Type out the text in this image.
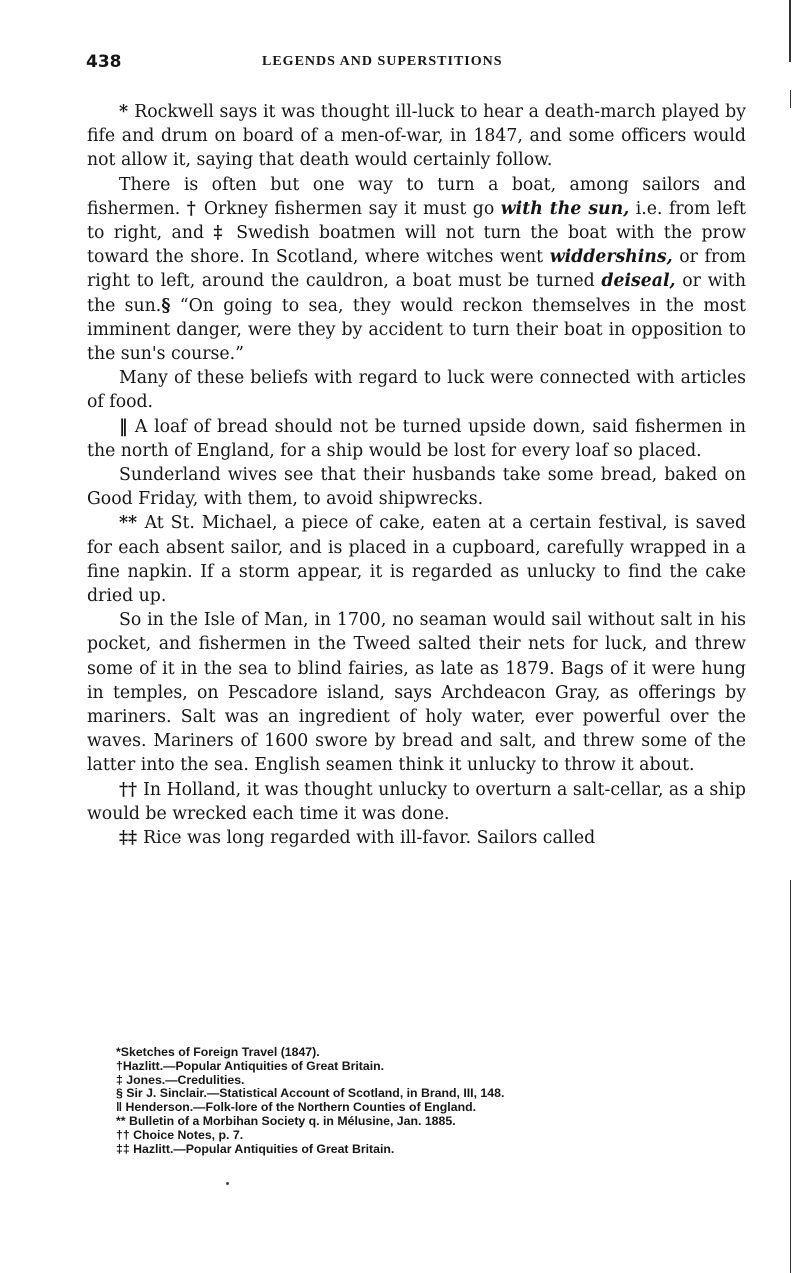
438	LEGENDS AND SUPERSTITIONS

* Rockwell says it was thought ill-luck to hear a death-march played by fife and drum on board of a men-of-war, in 1847, and some officers would not allow it, saying that death would certainly follow.

There is often but one way to turn a boat, among sailors and fishermen. † Orkney fishermen say it must go with the sun, i.e. from left to right, and ‡ Swedish boatmen will not turn the boat with the prow toward the shore. In Scotland, where witches went widdershins, or from right to left, around the cauldron, a boat must be turned deiseal, or with the sun.§ “On going to sea, they would reckon themselves in the most imminent danger, were they by accident to turn their boat in opposition to the sun's course.”

Many of these beliefs with regard to luck were connected with articles of food.

‖ A loaf of bread should not be turned upside down, said fishermen in the north of England, for a ship would be lost for every loaf so placed.

Sunderland wives see that their husbands take some bread, baked on Good Friday, with them, to avoid shipwrecks.

** At St. Michael, a piece of cake, eaten at a certain festival, is saved for each absent sailor, and is placed in a cupboard, carefully wrapped in a fine napkin. If a storm appear, it is regarded as unlucky to find the cake dried up.

So in the Isle of Man, in 1700, no seaman would sail without salt in his pocket, and fishermen in the Tweed salted their nets for luck, and threw some of it in the sea to blind fairies, as late as 1879. Bags of it were hung in temples, on Pescadore island, says Archdeacon Gray, as offerings by mariners. Salt was an ingredient of holy water, ever powerful over the waves. Mariners of 1600 swore by bread and salt, and threw some of the latter into the sea. English seamen think it unlucky to throw it about.

†† In Holland, it was thought unlucky to overturn a salt-cellar, as a ship would be wrecked each time it was done.

‡‡ Rice was long regarded with ill-favor. Sailors called

*Sketches of Foreign Travel (1847).
†Hazlitt.—Popular Antiquities of Great Britain.
‡ Jones.—Credulities.
§ Sir J. Sinclair.—Statistical Account of Scotland, in Brand, III, 148.
‖ Henderson.—Folk-lore of the Northern Counties of England.
** Bulletin of a Morbihan Society q. in Mélusine, Jan. 1885.
†† Choice Notes, p. 7.
‡‡ Hazlitt.—Popular Antiquities of Great Britain.
